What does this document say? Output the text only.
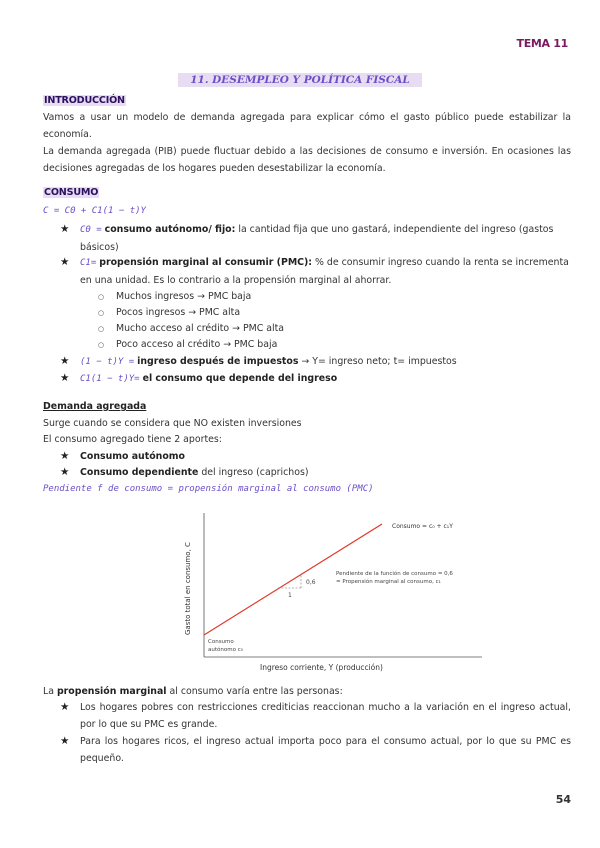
TEMA 11
11. DESEMPLEO Y POLÍTICA FISCAL
INTRODUCCIÓN
Vamos a usar un modelo de demanda agregada para explicar cómo el gasto público puede estabilizar la economía.
La demanda agregada (PIB) puede fluctuar debido a las decisiones de consumo e inversión. En ocasiones las decisiones agregadas de los hogares pueden desestabilizar la economía.
CONSUMO
C = C0 + C1(1 − t)Y
★	C0 = consumo autónomo/ fijo: la cantidad fija que uno gastará, independiente del ingreso (gastos básicos)
★	C1= propensión marginal al consumir (PMC): % de consumir ingreso cuando la renta se incrementa en una unidad. Es lo contrario a la propensión marginal al ahorrar.
○ Muchos ingresos → PMC baja
○ Pocos ingresos → PMC alta
○ Mucho acceso al crédito → PMC alta
○ Poco acceso al crédito → PMC baja
★	(1 − t)Y = ingreso después de impuestos → Y= ingreso neto; t= impuestos
★	C1(1 − t)Y= el consumo que depende del ingreso
Demanda agregada
Surge cuando se considera que NO existen inversiones
El consumo agregado tiene 2 aportes:
★	Consumo autónomo
★	Consumo dependiente del ingreso (caprichos)
Pendiente f de consumo = propensión marginal al consumo (PMC)
0,6
1
Consumo = c₀ + c₁Y
Pendiente de la función de consumo = 0,6
= Propensión marginal al consumo, c₁
Consumo
autónomo c₀
Ingreso corriente, Y (producción)
Gasto total en consumo, C
La propensión marginal al consumo varía entre las personas:
★	Los hogares pobres con restricciones crediticias reaccionan mucho a la variación en el ingreso actual, por lo que su PMC es grande.
★	Para los hogares ricos, el ingreso actual importa poco para el consumo actual, por lo que su PMC es pequeño.
54
